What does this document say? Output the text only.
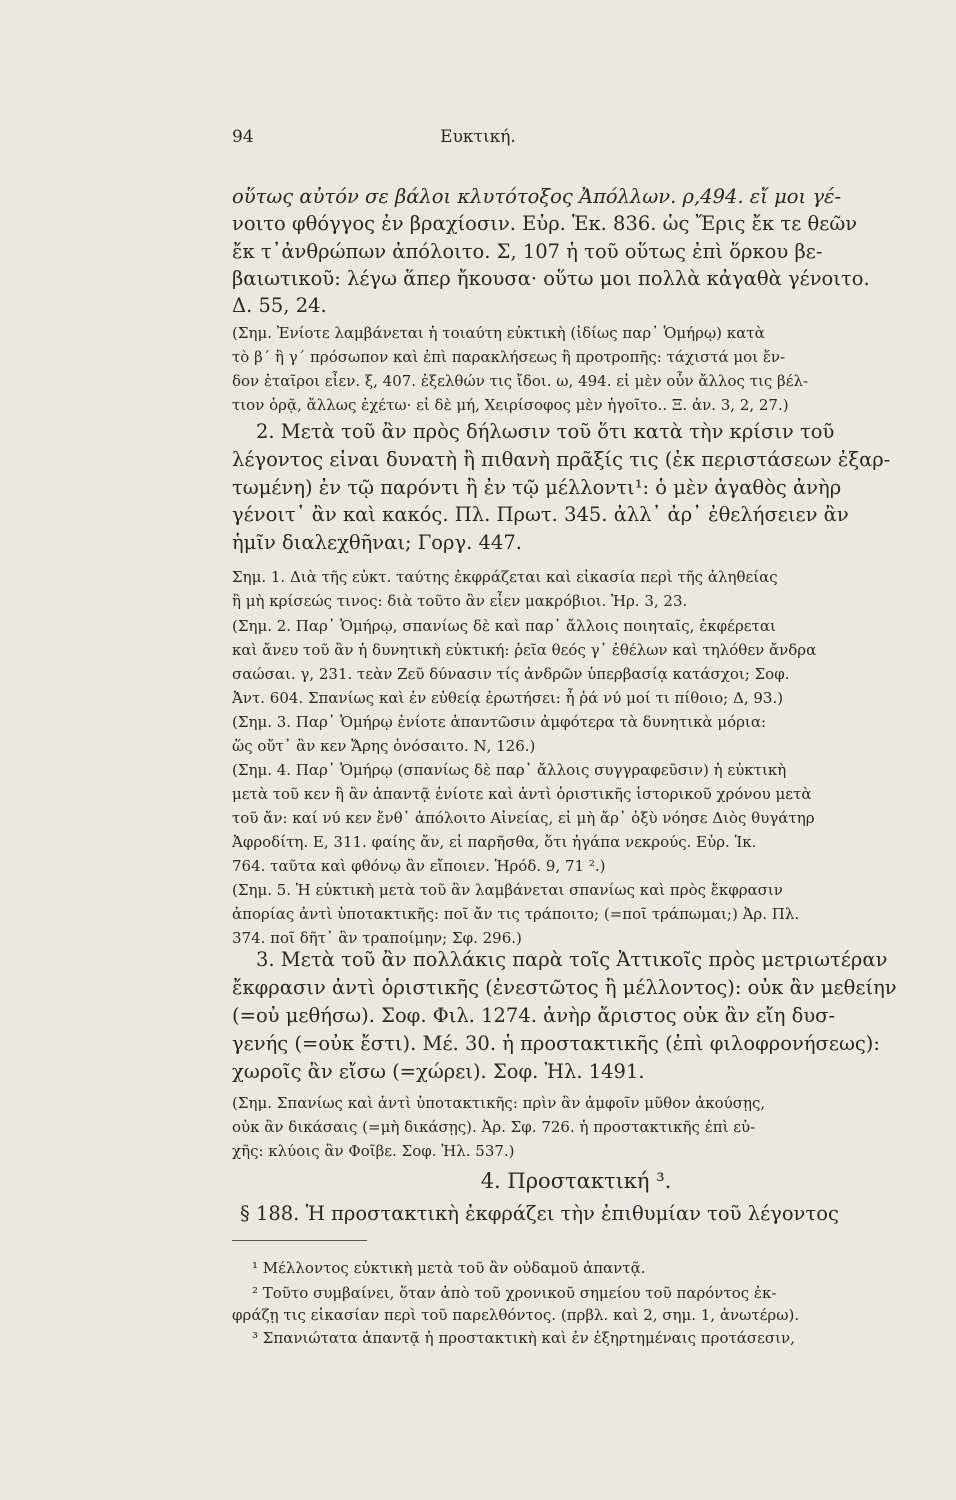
Ευκτική.
94
οὕτως αὐτόν σε βάλοι κλυτότοξος Ἀπόλλων. ρ,494. εἴ μοι γέ-
νοιτο φθόγγος ἐν βραχίοσιν. Εὐρ. Ἑκ. 836. ὡς Ἔρις ἔκ τε θεῶν
ἔκ τ᾽ἀνθρώπων ἀπόλοιτο. Σ, 107 ἡ τοῦ οὕτως ἐπὶ ὅρκου βε-
βαιωτικοῦ: λέγω ἅπερ ἤκουσα· οὕτω μοι πολλὰ κἀγαθὰ γένοιτο.
Δ. 55, 24.
(Σημ. Ἐνίοτε λαμβάνεται ἡ τοιαύτη εὐκτικὴ (ἰδίως παρ᾽ Ὁμήρῳ) κατὰ
τὸ β΄ ἢ γ΄ πρόσωπον καὶ ἐπὶ παρακλήσεως ἢ προτροπῆς: τάχιστά μοι ἔν-
δον ἑταῖροι εἶεν. ξ, 407. ἐξελθών τις ἴδοι. ω, 494. εἰ μὲν οὖν ἄλλος τις βέλ-
τιον ὁρᾷ, ἄλλως ἐχέτω· εἰ δὲ μή, Χειρίσοφος μὲν ἡγοῖτο.. Ξ. ἀν. 3, 2, 27.)
2. Μετὰ τοῦ ἂν πρὸς δήλωσιν τοῦ ὅτι κατὰ τὴν κρίσιν τοῦ
λέγοντος εἶναι δυνατὴ ἢ πιθανὴ πρᾶξίς τις (ἐκ περιστάσεων ἐξαρ-
τωμένη) ἐν τῷ παρόντι ἢ ἐν τῷ μέλλοντι¹: ὁ μὲν ἀγαθὸς ἀνὴρ
γένοιτ᾽ ἂν καὶ κακός. Πλ. Πρωτ. 345. ἀλλ᾽ ἆρ᾽ ἐθελήσειεν ἂν
ἡμῖν διαλεχθῆναι; Γοργ. 447.
Σημ. 1. Διὰ τῆς εὐκτ. ταύτης ἐκφράζεται καὶ εἰκασία περὶ τῆς ἀληθείας
ἢ μὴ κρίσεώς τινος: διὰ τοῦτο ἂν εἶεν μακρόβιοι. Ἡρ. 3, 23.
(Σημ. 2. Παρ᾽ Ὁμήρῳ, σπανίως δὲ καὶ παρ᾽ ἄλλοις ποιηταῖς, ἐκφέρεται
καὶ ἄνευ τοῦ ἂν ἡ δυνητικὴ εὐκτική: ῥεῖα θεός γ᾽ ἐθέλων καὶ τηλόθεν ἄνδρα
σαώσαι. γ, 231. τεὰν Ζεῦ δύνασιν τίς ἀνδρῶν ὑπερβασίᾳ κατάσχοι; Σοφ.
Ἀντ. 604. Σπανίως καὶ ἐν εὐθείᾳ ἐρωτήσει: ἦ ῥά νύ μοί τι πίθοιο; Δ, 93.)
(Σημ. 3. Παρ᾽ Ὁμήρῳ ἐνίοτε ἀπαντῶσιν ἀμφότερα τὰ δυνητικὰ μόρια:
ὥς οὔτ᾽ ἂν κεν Ἄρης ὀνόσαιτο. Ν, 126.)
(Σημ. 4. Παρ᾽ Ὁμήρῳ (σπανίως δὲ παρ᾽ ἄλλοις συγγραφεῦσιν) ἡ εὐκτικὴ
μετὰ τοῦ κεν ἢ ἂν ἀπαντᾷ ἐνίοτε καὶ ἀντὶ ὁριστικῆς ἱστορικοῦ χρόνου μετὰ
τοῦ ἄν: καί νύ κεν ἔνθ᾽ ἀπόλοιτο Αἰνείας, εἰ μὴ ἄρ᾽ ὀξὺ νόησε Διὸς θυγάτηρ
Ἀφροδίτη. Ε, 311. φαίης ἄν, εἰ παρῆσθα, ὅτι ἠγάπα νεκρούς. Εὐρ. Ἱκ.
764. ταῦτα καὶ φθόνῳ ἂν εἴποιεν. Ἡρόδ. 9, 71 ².)
(Σημ. 5. Ἡ εὐκτικὴ μετὰ τοῦ ἂν λαμβάνεται σπανίως καὶ πρὸς ἔκφρασιν
ἀπορίας ἀντὶ ὑποτακτικῆς: ποῖ ἄν τις τράποιτο; (=ποῖ τράπωμαι;) Ἀρ. Πλ.
374. ποῖ δῆτ᾽ ἂν τραποίμην; Σφ. 296.)
3. Μετὰ τοῦ ἂν πολλάκις παρὰ τοῖς Ἀττικοῖς πρὸς μετριωτέραν
ἔκφρασιν ἀντὶ ὁριστικῆς (ἐνεστῶτος ἢ μέλλοντος): οὐκ ἂν μεθείην
(=οὐ μεθήσω). Σοφ. Φιλ. 1274. ἀνὴρ ἄριστος οὐκ ἂν εἴη δυσ-
γενής (=οὐκ ἔστι). Μέ. 30. ἡ προστακτικῆς (ἐπὶ φιλοφρονήσεως):
χωροῖς ἂν εἴσω (=χώρει). Σοφ. Ἠλ. 1491.
(Σημ. Σπανίως καὶ ἀντὶ ὑποτακτικῆς: πρὶν ἂν ἀμφοῖν μῦθον ἀκούσῃς,
οὐκ ἂν δικάσαις (=μὴ δικάσῃς). Ἀρ. Σφ. 726. ἡ προστακτικῆς ἐπὶ εὐ-
χῆς: κλύοις ἂν Φοῖβε. Σοφ. Ἠλ. 537.)
4. Προστακτική ³.
§ 188. Ἡ προστακτικὴ ἐκφράζει τὴν ἐπιθυμίαν τοῦ λέγοντος
¹ Μέλλοντος εὐκτικὴ μετὰ τοῦ ἂν οὐδαμοῦ ἀπαντᾷ.
² Τοῦτο συμβαίνει, ὅταν ἀπὸ τοῦ χρονικοῦ σημείου τοῦ παρόντος ἐκ-
φράζῃ τις εἰκασίαν περὶ τοῦ παρελθόντος. (πρβλ. καὶ 2, σημ. 1, ἀνωτέρω).
³ Σπανιώτατα ἀπαντᾷ ἡ προστακτικὴ καὶ ἐν ἐξηρτημέναις προτάσεσιν,
